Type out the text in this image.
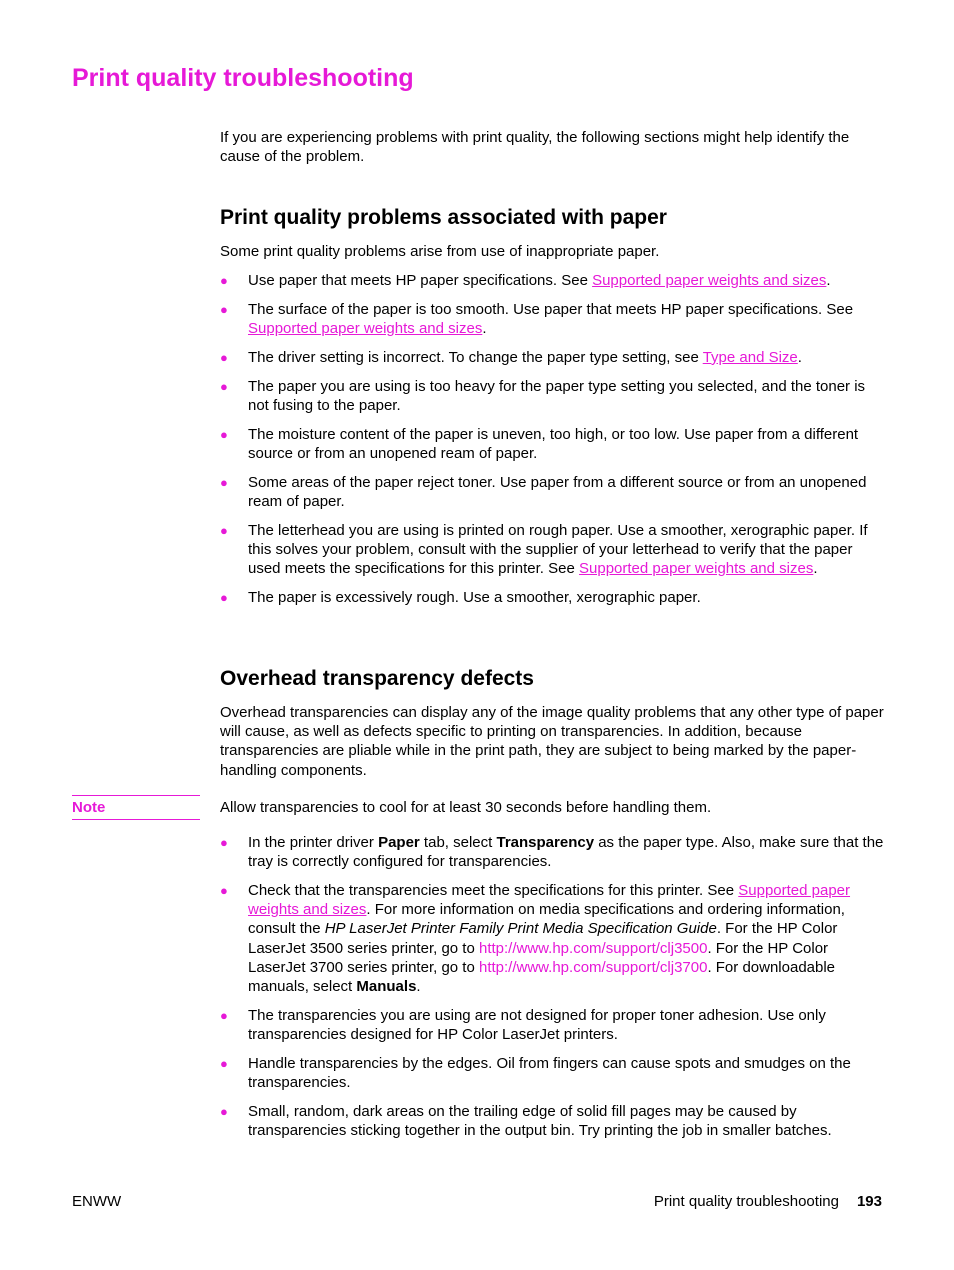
Print quality troubleshooting

If you are experiencing problems with print quality, the following sections might help identify the cause of the problem.

Print quality problems associated with paper

Some print quality problems arise from use of inappropriate paper.

●	Use paper that meets HP paper specifications. See Supported paper weights and sizes.
●	The surface of the paper is too smooth. Use paper that meets HP paper specifications. See Supported paper weights and sizes.
●	The driver setting is incorrect. To change the paper type setting, see Type and Size.
●	The paper you are using is too heavy for the paper type setting you selected, and the toner is not fusing to the paper.
●	The moisture content of the paper is uneven, too high, or too low. Use paper from a different source or from an unopened ream of paper.
●	Some areas of the paper reject toner. Use paper from a different source or from an unopened ream of paper.
●	The letterhead you are using is printed on rough paper. Use a smoother, xerographic paper. If this solves your problem, consult with the supplier of your letterhead to verify that the paper used meets the specifications for this printer. See Supported paper weights and sizes.
●	The paper is excessively rough. Use a smoother, xerographic paper.
Overhead transparency defects

Overhead transparencies can display any of the image quality problems that any other type of paper will cause, as well as defects specific to printing on transparencies. In addition, because transparencies are pliable while in the print path, they are subject to being marked by the paper-handling components.

Note	Allow transparencies to cool for at least 30 seconds before handling them.

●	In the printer driver Paper tab, select Transparency as the paper type. Also, make sure that the tray is correctly configured for transparencies.
●	Check that the transparencies meet the specifications for this printer. See Supported paper weights and sizes. For more information on media specifications and ordering information, consult the HP LaserJet Printer Family Print Media Specification Guide. For the HP Color LaserJet 3500 series printer, go to http://www.hp.com/support/clj3500. For the HP Color LaserJet 3700 series printer, go to http://www.hp.com/support/clj3700. For downloadable manuals, select Manuals.
●	The transparencies you are using are not designed for proper toner adhesion. Use only transparencies designed for HP Color LaserJet printers.
●	Handle transparencies by the edges. Oil from fingers can cause spots and smudges on the transparencies.
●	Small, random, dark areas on the trailing edge of solid fill pages may be caused by transparencies sticking together in the output bin. Try printing the job in smaller batches.
ENWW	Print quality troubleshooting 193
